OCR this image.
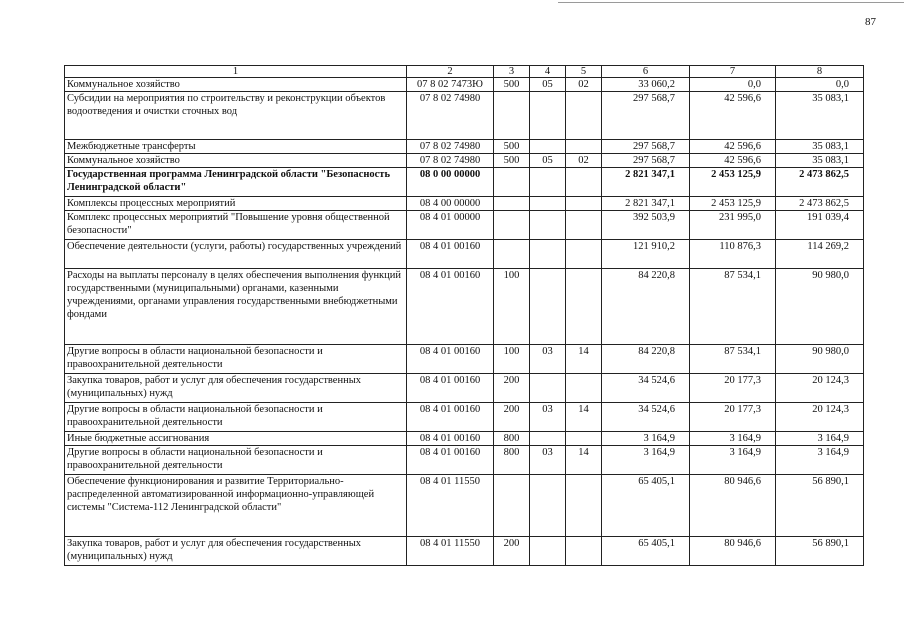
87
1	2	3	4	5	6	7	8
Коммунальное хозяйство	07 8 02 7473Ю	500	05	02	33 060,2	0,0	0,0
Субсидии на мероприятия по строительству и реконструкции объектов водоотведения и очистки сточных вод	07 8 02 74980				297 568,7	42 596,6	35 083,1
Межбюджетные трансферты	07 8 02 74980	500			297 568,7	42 596,6	35 083,1
Коммунальное хозяйство	07 8 02 74980	500	05	02	297 568,7	42 596,6	35 083,1
Государственная программа Ленинградской области "Безопасность Ленинградской области"	08 0 00 00000				2 821 347,1	2 453 125,9	2 473 862,5
Комплексы процессных мероприятий	08 4 00 00000				2 821 347,1	2 453 125,9	2 473 862,5
Комплекс процессных мероприятий "Повышение уровня общественной безопасности"	08 4 01 00000				392 503,9	231 995,0	191 039,4
Обеспечение деятельности (услуги, работы) государственных учреждений	08 4 01 00160				121 910,2	110 876,3	114 269,2
Расходы на выплаты персоналу в целях обеспечения выполнения функций государственными (муниципальными) органами, казенными учреждениями, органами управления государственными внебюджетными фондами	08 4 01 00160	100			84 220,8	87 534,1	90 980,0
Другие вопросы в области национальной безопасности и правоохранительной деятельности	08 4 01 00160	100	03	14	84 220,8	87 534,1	90 980,0
Закупка товаров, работ и услуг для обеспечения государственных (муниципальных) нужд	08 4 01 00160	200			34 524,6	20 177,3	20 124,3
Другие вопросы в области национальной безопасности и правоохранительной деятельности	08 4 01 00160	200	03	14	34 524,6	20 177,3	20 124,3
Иные бюджетные ассигнования	08 4 01 00160	800			3 164,9	3 164,9	3 164,9
Другие вопросы в области национальной безопасности и правоохранительной деятельности	08 4 01 00160	800	03	14	3 164,9	3 164,9	3 164,9
Обеспечение функционирования и развитие Территориально-распределенной автоматизированной информационно-управляющей системы "Система-112 Ленинградской области"	08 4 01 11550				65 405,1	80 946,6	56 890,1
Закупка товаров, работ и услуг для обеспечения государственных (муниципальных) нужд	08 4 01 11550	200			65 405,1	80 946,6	56 890,1
